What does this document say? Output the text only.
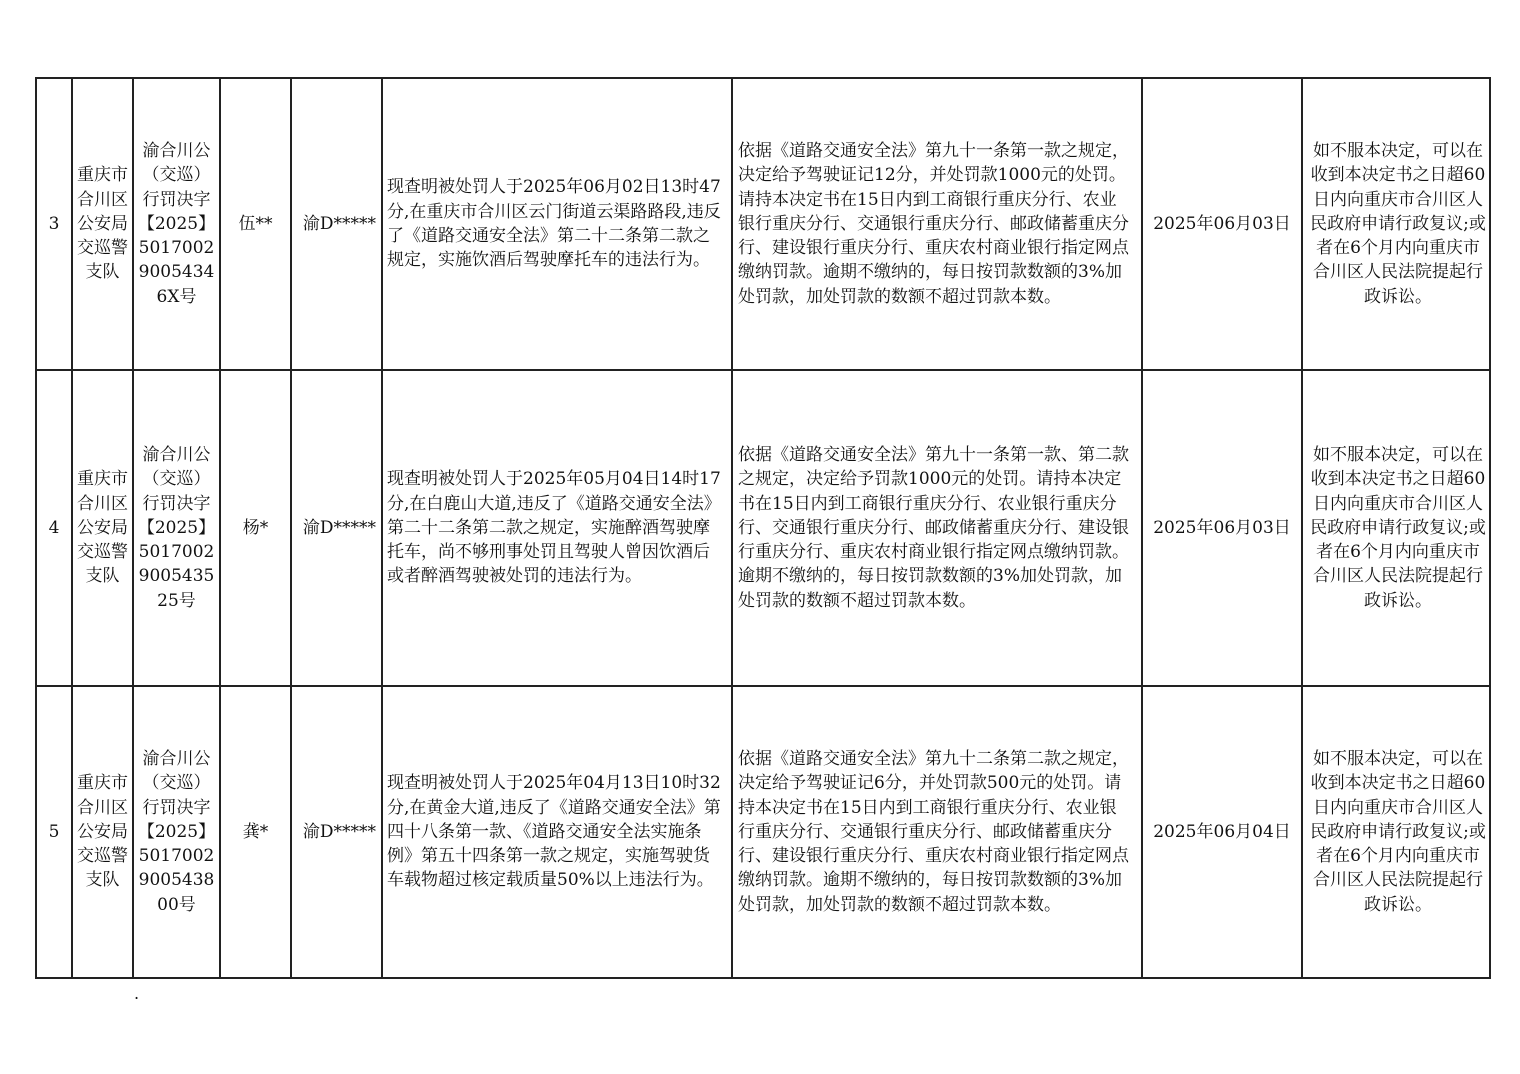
3	重庆市合川区公安局交巡警支队	渝合川公（交巡）行罚决字【2025】501700290054346X号	伍**	渝D*****	现查明被处罚人于2025年06月02日13时47分,在重庆市合川区云门街道云渠路路段,违反了《道路交通安全法》第二十二条第二款之规定，实施饮酒后驾驶摩托车的违法行为。	依据《道路交通安全法》第九十一条第一款之规定，决定给予驾驶证记12分，并处罚款1000元的处罚。请持本决定书在15日内到工商银行重庆分行、农业银行重庆分行、交通银行重庆分行、邮政储蓄重庆分行、建设银行重庆分行、重庆农村商业银行指定网点缴纳罚款。逾期不缴纳的，每日按罚款数额的3%加处罚款，加处罚款的数额不超过罚款本数。	2025年06月03日	如不服本决定，可以在收到本决定书之日超60日内向重庆市合川区人民政府申请行政复议;或者在6个月内向重庆市合川区人民法院提起行政诉讼。
4	重庆市合川区公安局交巡警支队	渝合川公（交巡）行罚决字【2025】5017002900543525号	杨*	渝D*****	现查明被处罚人于2025年05月04日14时17分,在白鹿山大道,违反了《道路交通安全法》第二十二条第二款之规定，实施醉酒驾驶摩托车，尚不够刑事处罚且驾驶人曾因饮酒后或者醉酒驾驶被处罚的违法行为。	依据《道路交通安全法》第九十一条第一款、第二款之规定，决定给予罚款1000元的处罚。请持本决定书在15日内到工商银行重庆分行、农业银行重庆分行、交通银行重庆分行、邮政储蓄重庆分行、建设银行重庆分行、重庆农村商业银行指定网点缴纳罚款。逾期不缴纳的，每日按罚款数额的3%加处罚款，加处罚款的数额不超过罚款本数。	2025年06月03日	如不服本决定，可以在收到本决定书之日超60日内向重庆市合川区人民政府申请行政复议;或者在6个月内向重庆市合川区人民法院提起行政诉讼。
5	重庆市合川区公安局交巡警支队	渝合川公（交巡）行罚决字【2025】5017002900543800号	龚*	渝D*****	现查明被处罚人于2025年04月13日10时32分,在黄金大道,违反了《道路交通安全法》第四十八条第一款、《道路交通安全法实施条例》第五十四条第一款之规定，实施驾驶货车载物超过核定载质量50%以上违法行为。	依据《道路交通安全法》第九十二条第二款之规定，决定给予驾驶证记6分，并处罚款500元的处罚。请持本决定书在15日内到工商银行重庆分行、农业银行重庆分行、交通银行重庆分行、邮政储蓄重庆分行、建设银行重庆分行、重庆农村商业银行指定网点缴纳罚款。逾期不缴纳的，每日按罚款数额的3%加处罚款，加处罚款的数额不超过罚款本数。	2025年06月04日	如不服本决定，可以在收到本决定书之日超60日内向重庆市合川区人民政府申请行政复议;或者在6个月内向重庆市合川区人民法院提起行政诉讼。
.
